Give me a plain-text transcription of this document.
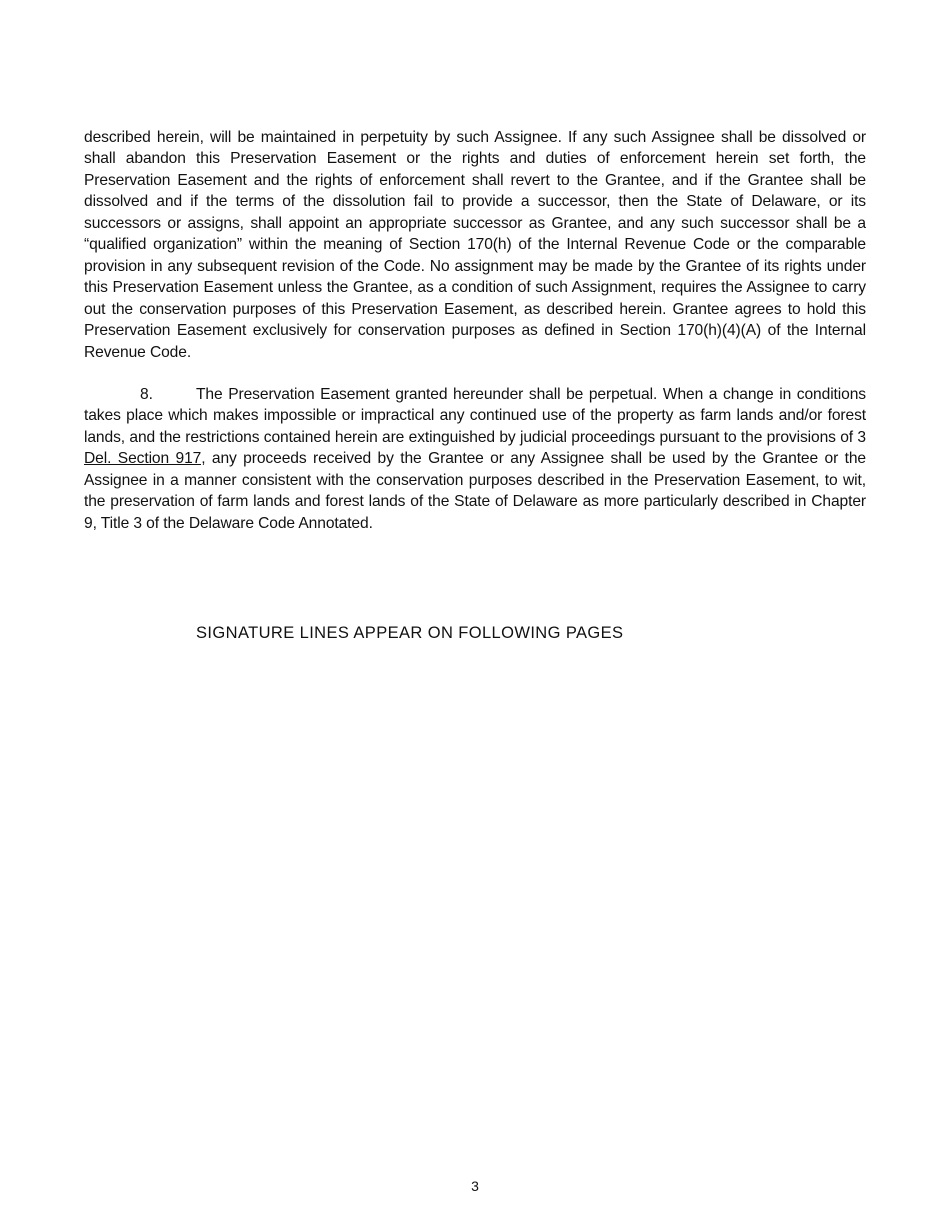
described herein, will be maintained in perpetuity by such Assignee. If any such Assignee shall be dissolved or shall abandon this Preservation Easement or the rights and duties of enforcement herein set forth, the Preservation Easement and the rights of enforcement shall revert to the Grantee, and if the Grantee shall be dissolved and if the terms of the dissolution fail to provide a successor, then the State of Delaware, or its successors or assigns, shall appoint an appropriate successor as Grantee, and any such successor shall be a “qualified organization” within the meaning of Section 170(h) of the Internal Revenue Code or the comparable provision in any subsequent revision of the Code. No assignment may be made by the Grantee of its rights under this Preservation Easement unless the Grantee, as a condition of such Assignment, requires the Assignee to carry out the conservation purposes of this Preservation Easement, as described herein. Grantee agrees to hold this Preservation Easement exclusively for conservation purposes as defined in Section 170(h)(4)(A) of the Internal Revenue Code.

8.	The Preservation Easement granted hereunder shall be perpetual. When a change in conditions takes place which makes impossible or impractical any continued use of the property as farm lands and/or forest lands, and the restrictions contained herein are extinguished by judicial proceedings pursuant to the provisions of 3 Del. Section 917, any proceeds received by the Grantee or any Assignee shall be used by the Grantee or the Assignee in a manner consistent with the conservation purposes described in the Preservation Easement, to wit, the preservation of farm lands and forest lands of the State of Delaware as more particularly described in Chapter 9, Title 3 of the Delaware Code Annotated.

SIGNATURE LINES APPEAR ON FOLLOWING PAGES
3
